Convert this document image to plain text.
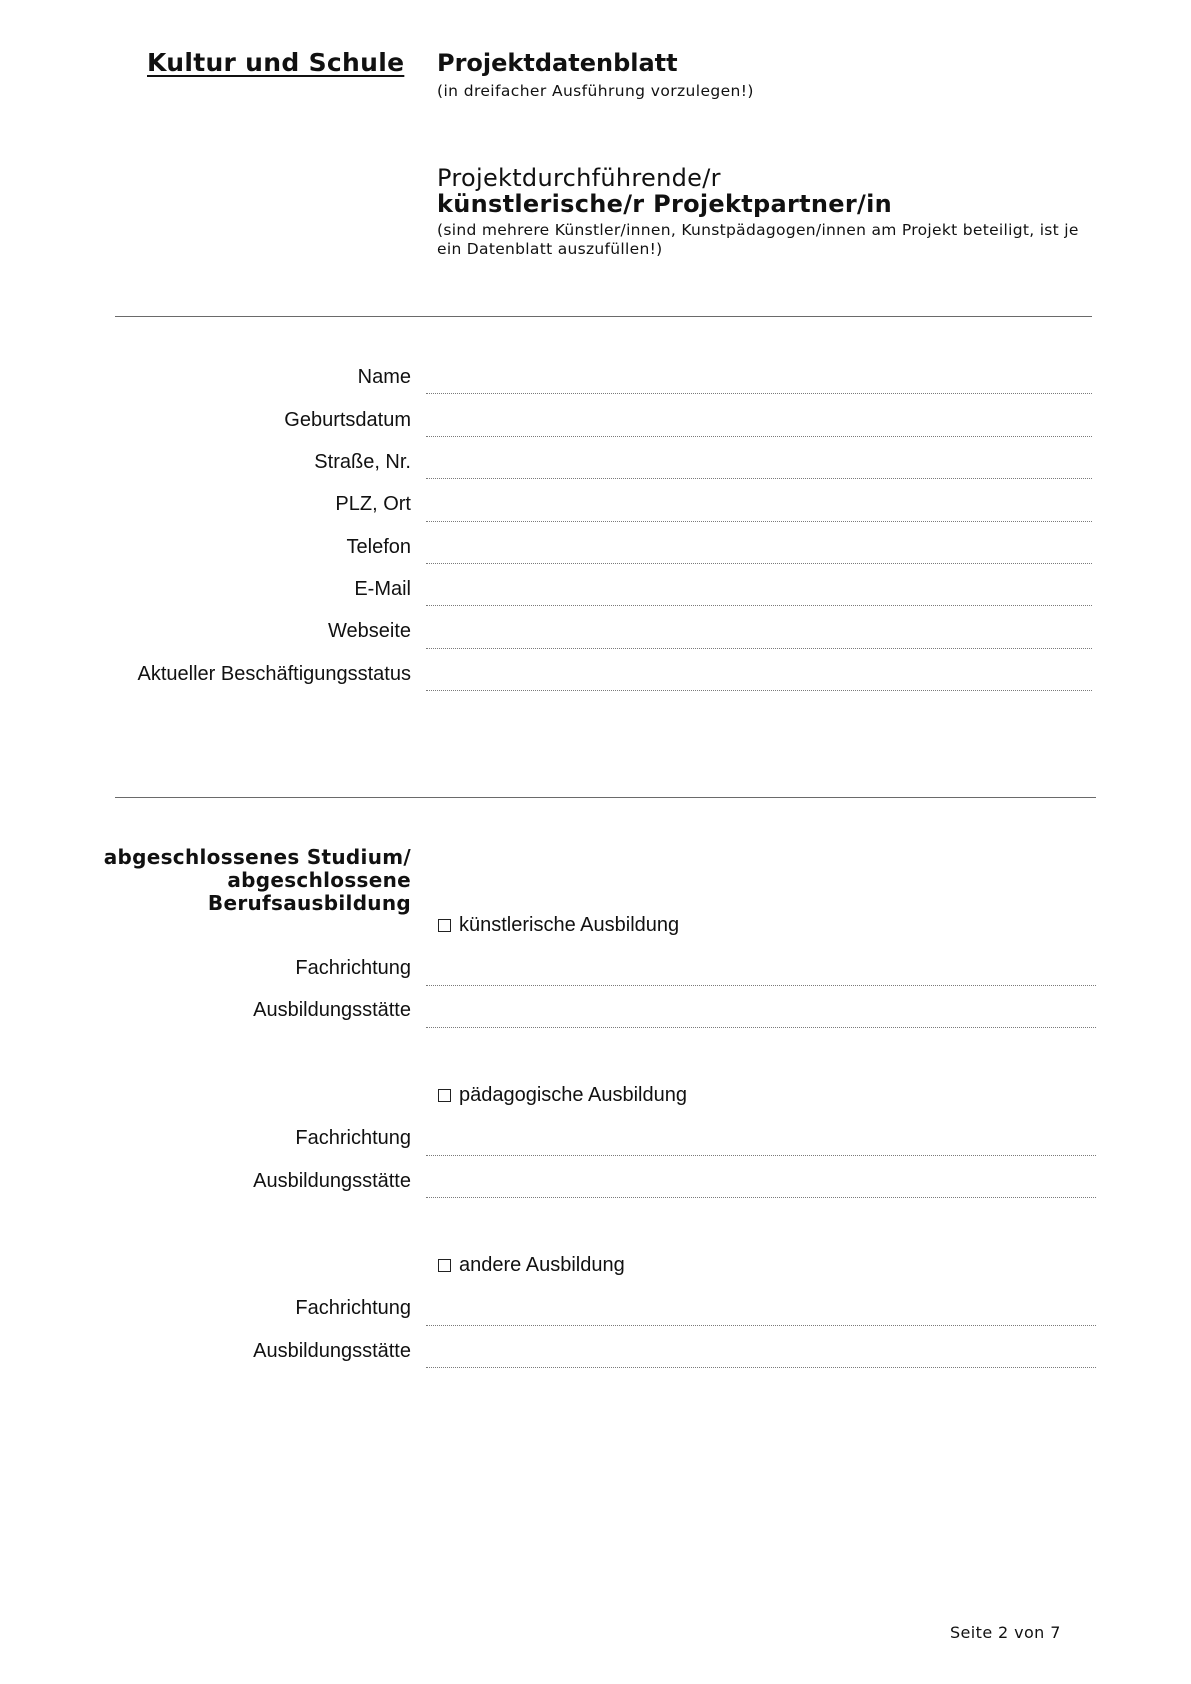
Kultur und Schule Projektdatenblatt
(in dreifacher Ausführung vorzulegen!)
Projektdurchführende/r
künstlerische/r Projektpartner/in
(sind mehrere Künstler/innen, Kunstpädagogen/innen am Projekt beteiligt, ist je ein Datenblatt auszufüllen!)
Name
Geburtsdatum
Straße, Nr.
PLZ, Ort
Telefon
E-Mail
Webseite
Aktueller Beschäftigungsstatus
abgeschlossenes Studium/
abgeschlossene
Berufsausbildung
künstlerische Ausbildung
Fachrichtung
Ausbildungsstätte
pädagogische Ausbildung
Fachrichtung
Ausbildungsstätte
andere Ausbildung
Fachrichtung
Ausbildungsstätte
Seite 2 von 7
